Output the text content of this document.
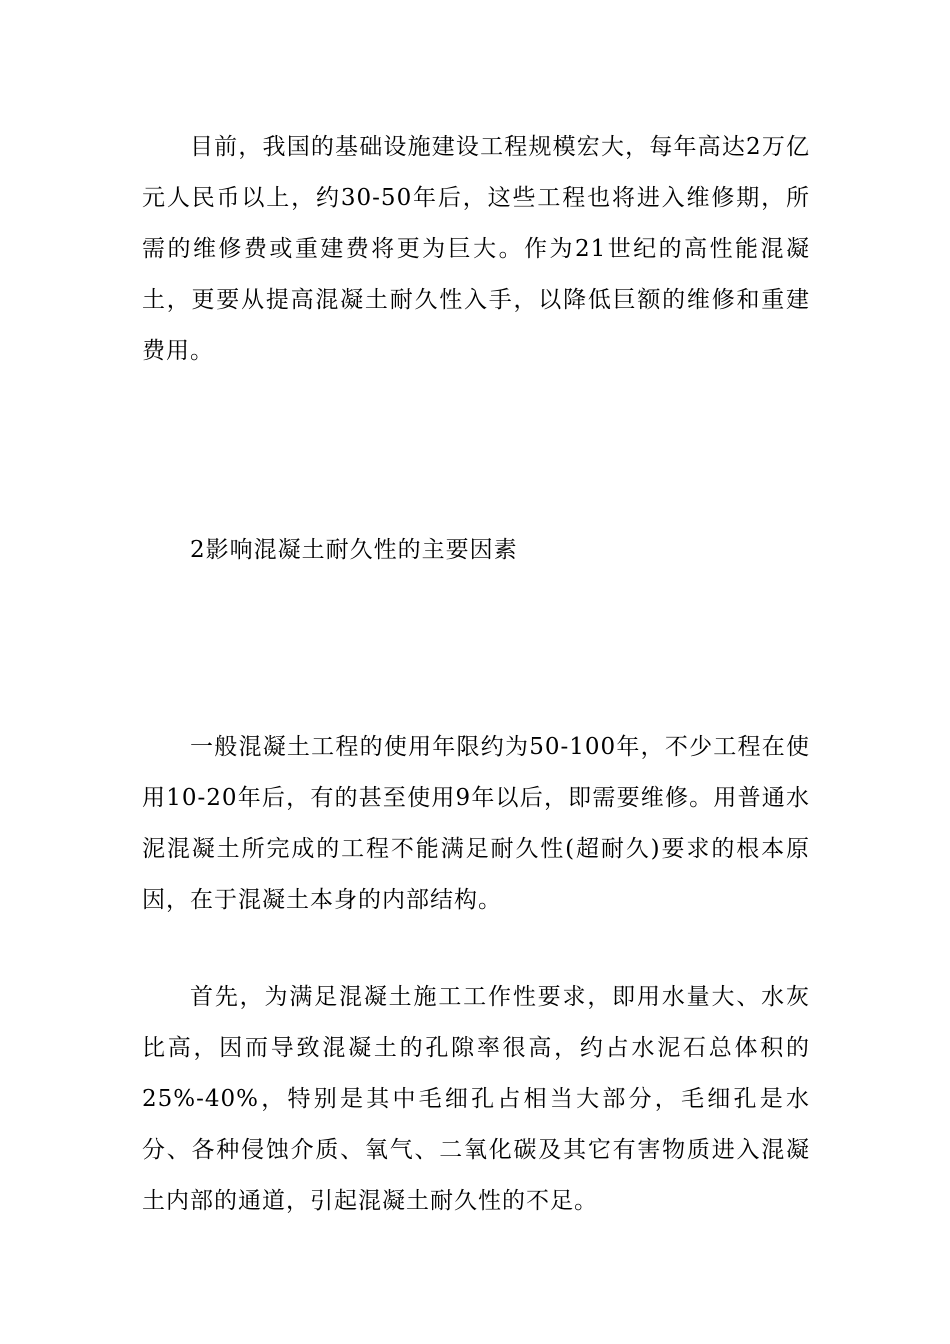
目前，我国的基础设施建设工程规模宏大，每年高达2万亿元人民币以上，约30-50年后，这些工程也将进入维修期，所需的维修费或重建费将更为巨大。作为21世纪的高性能混凝土，更要从提高混凝土耐久性入手，以降低巨额的维修和重建费用。

2影响混凝土耐久性的主要因素

一般混凝土工程的使用年限约为50-100年，不少工程在使用10-20年后，有的甚至使用9年以后，即需要维修。用普通水泥混凝土所完成的工程不能满足耐久性(超耐久)要求的根本原因，在于混凝土本身的内部结构。

首先，为满足混凝土施工工作性要求，即用水量大、水灰比高，因而导致混凝土的孔隙率很高，约占水泥石总体积的25%-40%，特别是其中毛细孔占相当大部分，毛细孔是水分、各种侵蚀介质、氧气、二氧化碳及其它有害物质进入混凝土内部的通道，引起混凝土耐久性的不足。
